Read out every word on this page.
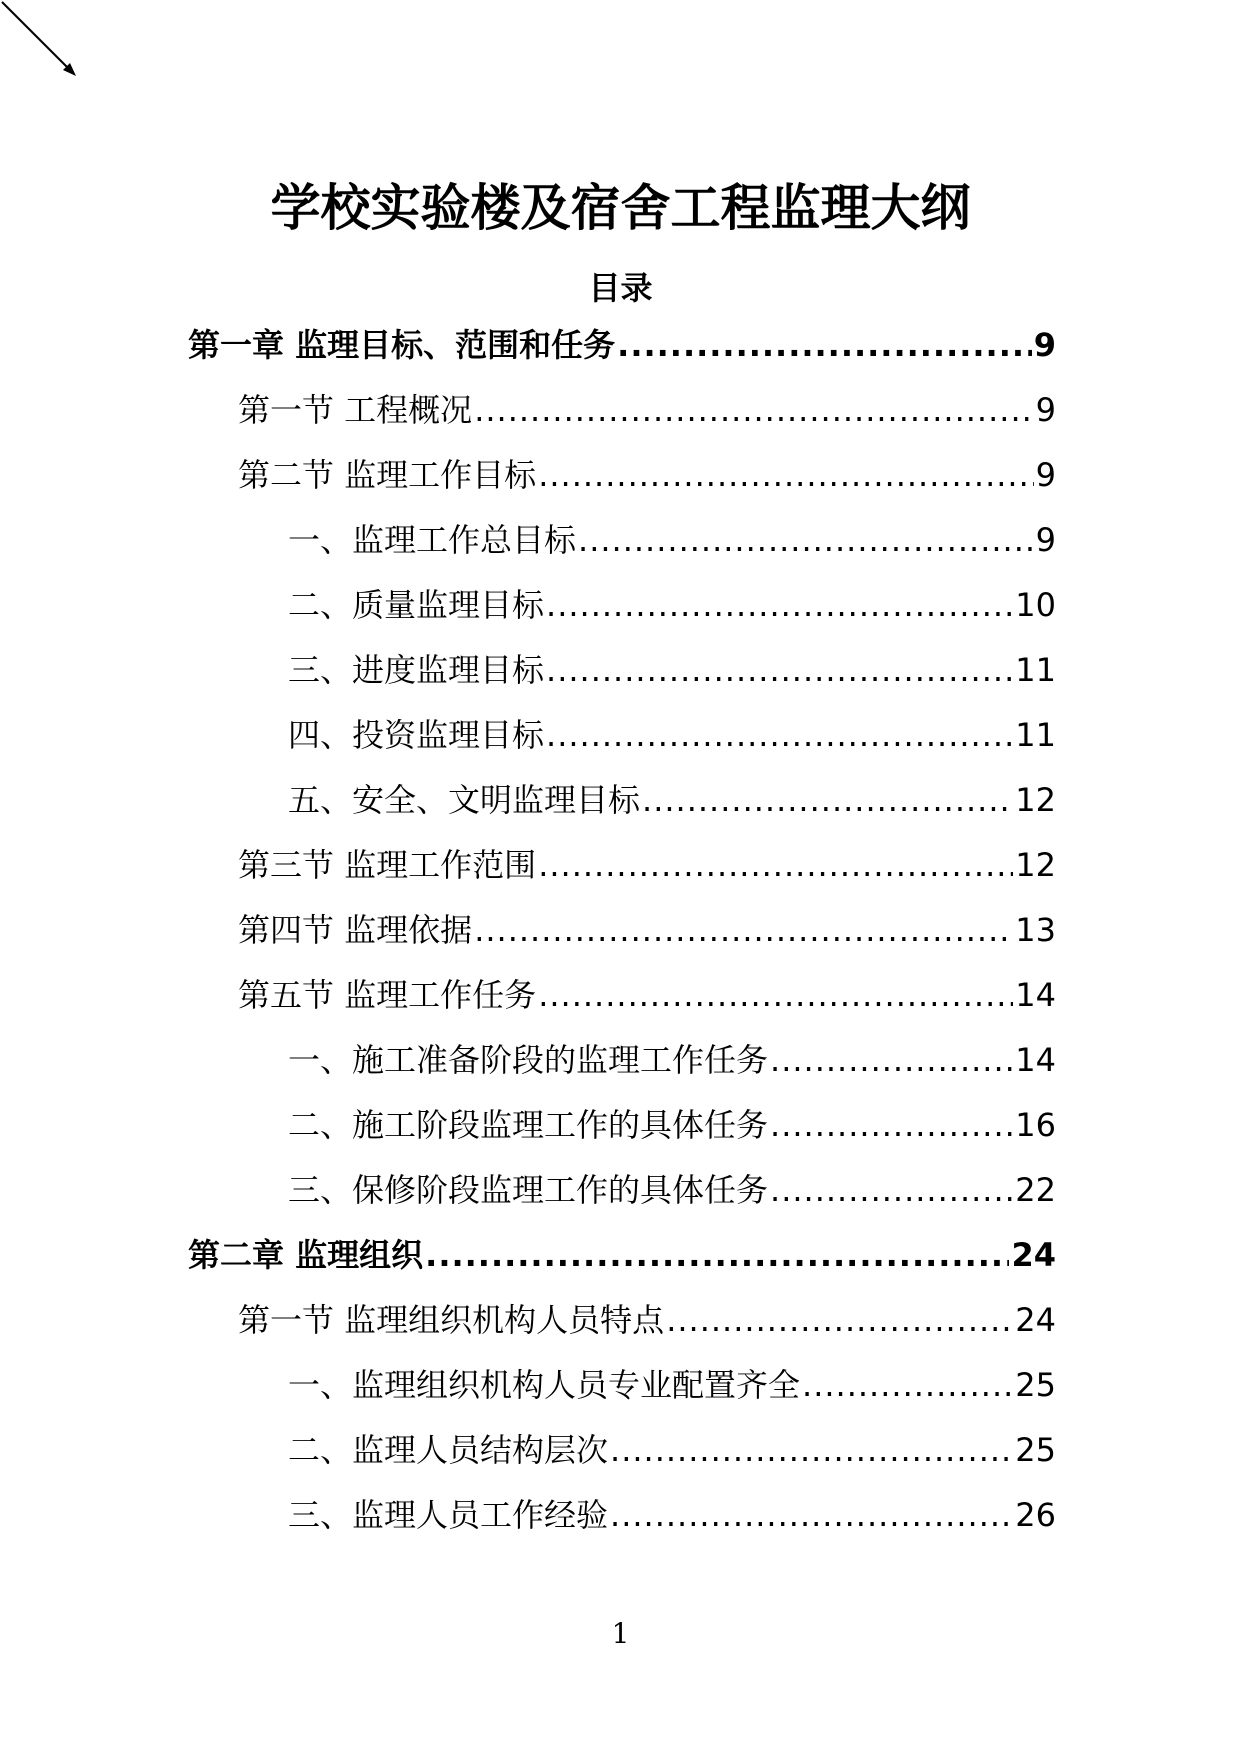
学校实验楼及宿舍工程监理大纲
目录
第一章 监理目标、范围和任务 .....	9
第一节 工程概况 .....	9
第二节 监理工作目标 .....	9
一、监理工作总目标 .....	9
二、质量监理目标 .....	10
三、进度监理目标 .....	11
四、投资监理目标 .....	11
五、安全、文明监理目标 .....	12
第三节 监理工作范围 .....	12
第四节 监理依据 .....	13
第五节 监理工作任务 .....	14
一、施工准备阶段的监理工作任务 .....	14
二、施工阶段监理工作的具体任务 .....	16
三、保修阶段监理工作的具体任务 .....	22
第二章 监理组织 .....	24
第一节 监理组织机构人员特点 .....	24
一、监理组织机构人员专业配置齐全 .....	25
二、监理人员结构层次 .....	25
三、监理人员工作经验 .....	26
1
